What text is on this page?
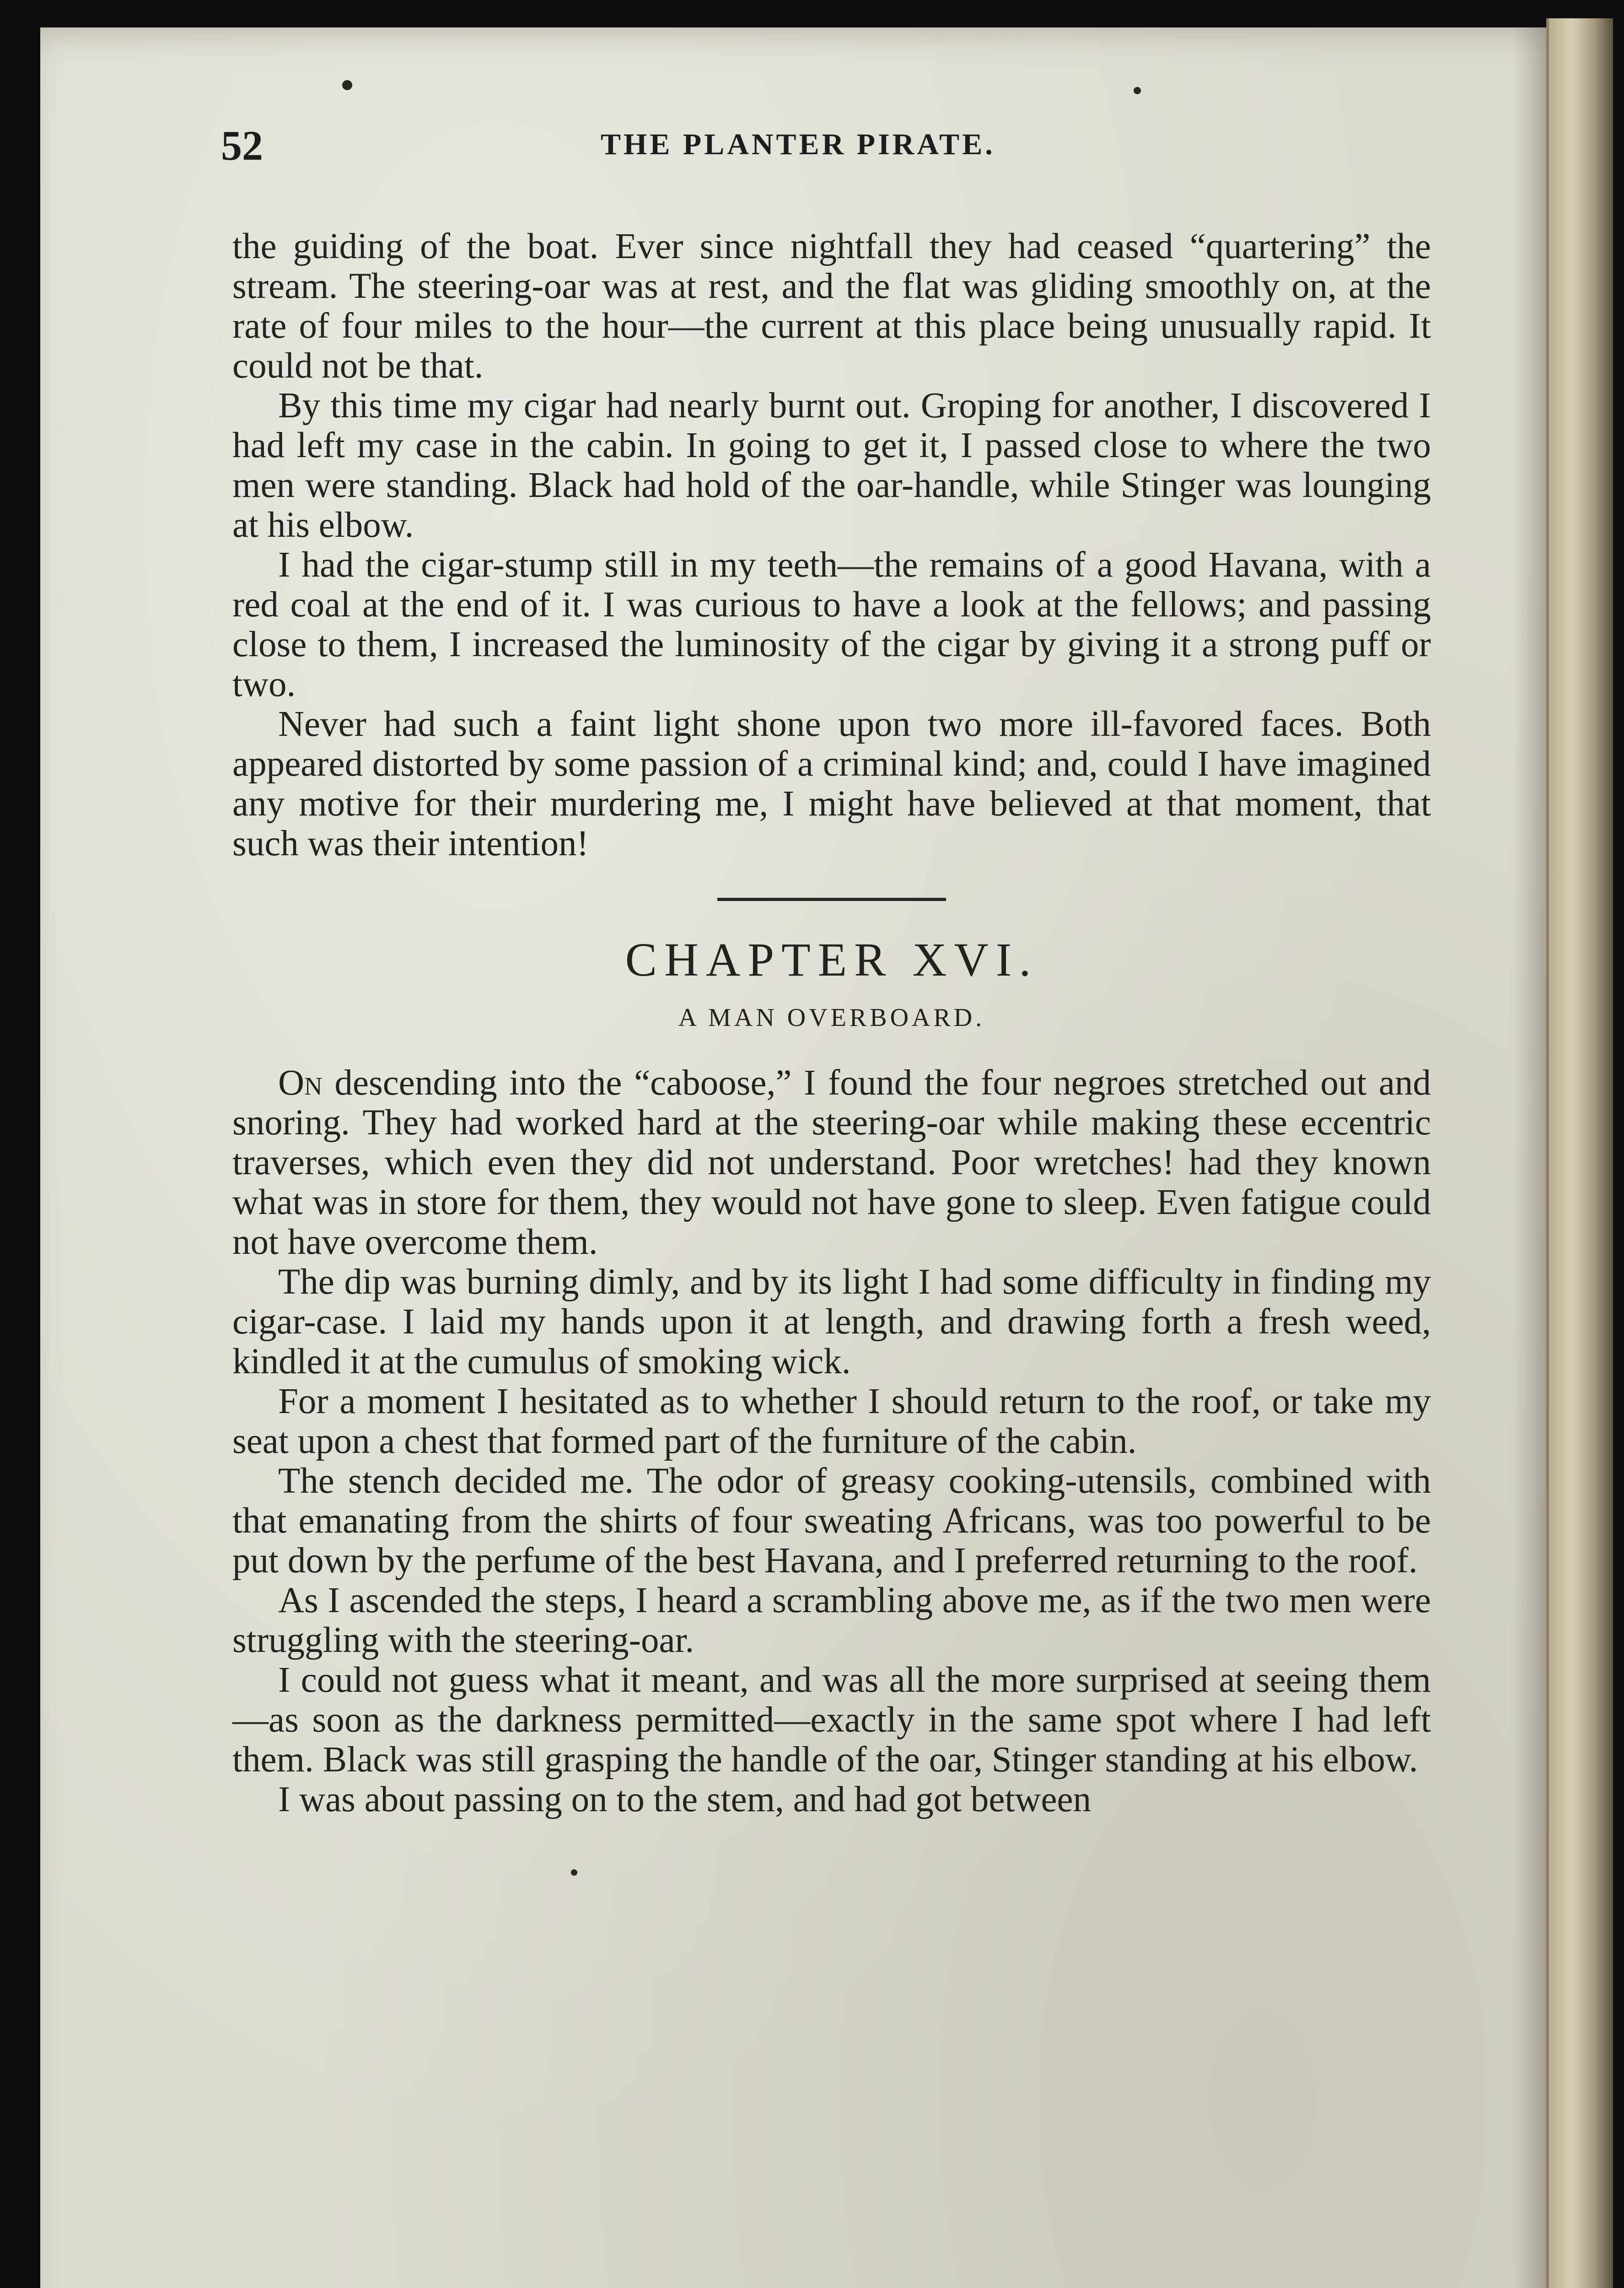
52	THE PLANTER PIRATE.

the guiding of the boat. Ever since nightfall they had ceased “quartering” the stream. The steering-oar was at rest, and the flat was gliding smoothly on, at the rate of four miles to the hour—the current at this place being unusually rapid. It could not be that.

By this time my cigar had nearly burnt out. Groping for another, I discovered I had left my case in the cabin. In going to get it, I passed close to where the two men were standing. Black had hold of the oar-handle, while Stinger was lounging at his elbow.

I had the cigar-stump still in my teeth—the remains of a good Havana, with a red coal at the end of it. I was curious to have a look at the fellows; and passing close to them, I increased the luminosity of the cigar by giving it a strong puff or two.

Never had such a faint light shone upon two more ill-favored faces. Both appeared distorted by some passion of a criminal kind; and, could I have imagined any motive for their murdering me, I might have believed at that moment, that such was their intention!

CHAPTER XVI.
A MAN OVERBOARD.

On descending into the “caboose,” I found the four negroes stretched out and snoring. They had worked hard at the steering-oar while making these eccentric traverses, which even they did not understand. Poor wretches! had they known what was in store for them, they would not have gone to sleep. Even fatigue could not have overcome them.

The dip was burning dimly, and by its light I had some difficulty in finding my cigar-case. I laid my hands upon it at length, and drawing forth a fresh weed, kindled it at the cumulus of smoking wick.

For a moment I hesitated as to whether I should return to the roof, or take my seat upon a chest that formed part of the furniture of the cabin.

The stench decided me. The odor of greasy cooking-utensils, combined with that emanating from the shirts of four sweating Africans, was too powerful to be put down by the perfume of the best Havana, and I preferred returning to the roof.

As I ascended the steps, I heard a scrambling above me, as if the two men were struggling with the steering-oar.

I could not guess what it meant, and was all the more surprised at seeing them—as soon as the darkness permitted—exactly in the same spot where I had left them. Black was still grasping the handle of the oar, Stinger standing at his elbow.

I was about passing on to the stem, and had got between
